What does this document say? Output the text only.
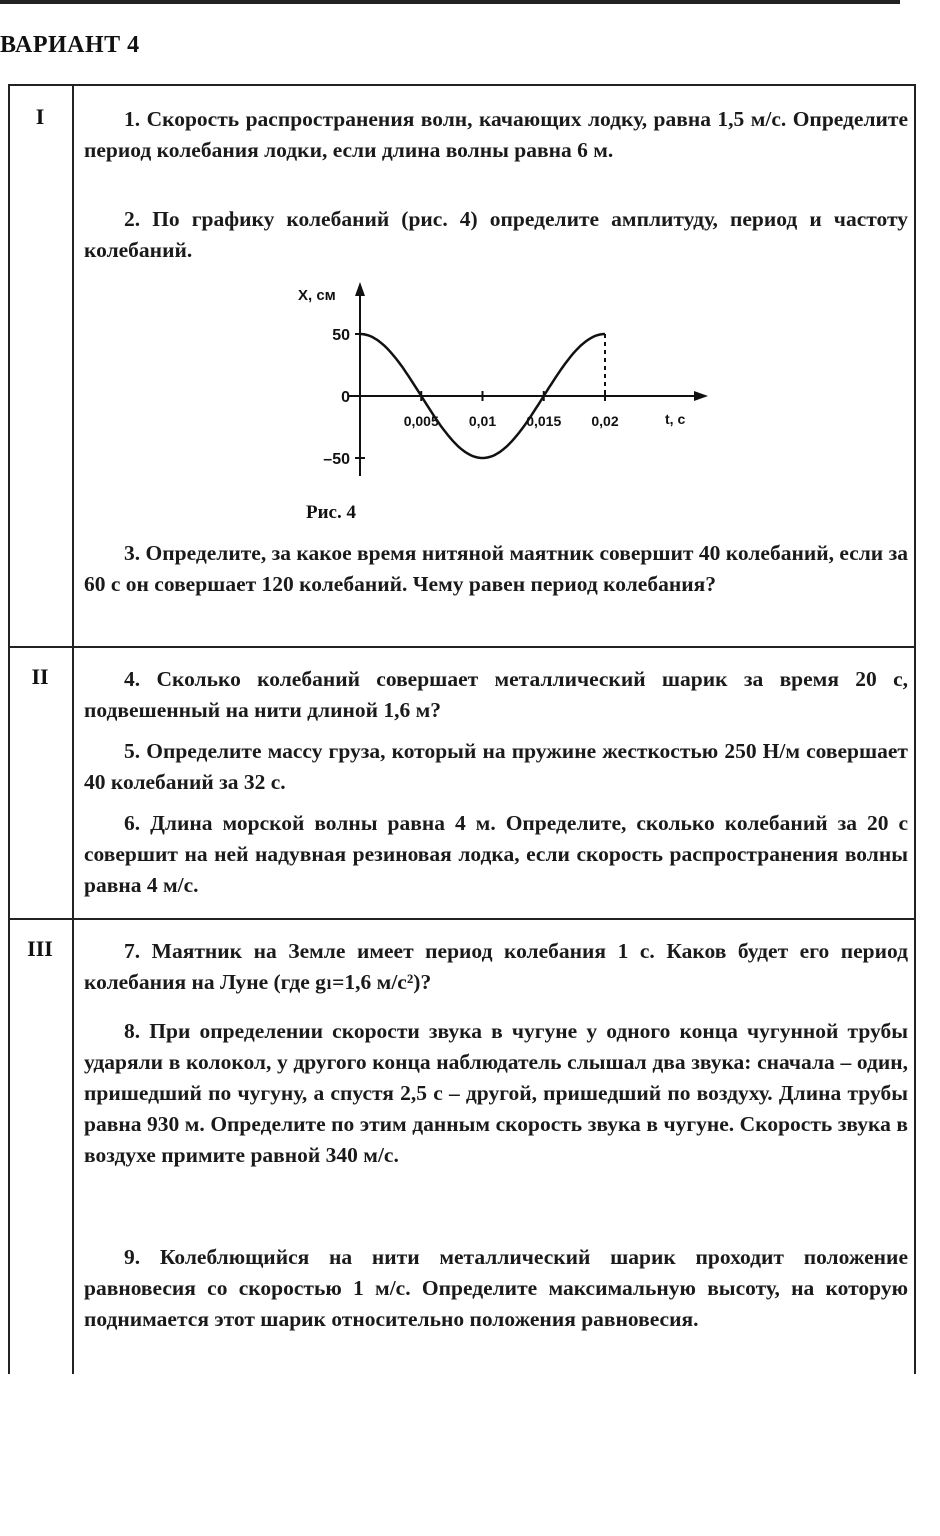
ВАРИАНТ 4
I
II
III

1. Скорость распространения волн, качающих лодку, равна 1,5 м/с. Определите период колебания лодки, если длина волны равна 6 м.

2. По графику колебаний (рис. 4) определите амплитуду, период и частоту колебаний.

50
0
–50
0,005 0,01 0,015 0,02	t, с
X, см
Рис. 4

3. Определите, за какое время нитяной маятник совершит 40 колебаний, если за 60 с он совершает 120 колебаний. Чему равен период колебания?

4. Сколько колебаний совершает металлический шарик за время 20 с, подвешенный на нити длиной 1,6 м?

5. Определите массу груза, который на пружине жесткостью 250 Н/м совершает 40 колебаний за 32 с.

6. Длина морской волны равна 4 м. Определите, сколько колебаний за 20 с совершит на ней надувная резиновая лодка, если скорость распространения волны равна 4 м/с.

7. Маятник на Земле имеет период колебания 1 с. Каков будет его период колебания на Луне (где gₗ=1,6 м/с²)?

8. При определении скорости звука в чугуне у одного конца чугунной трубы ударяли в колокол, у другого конца наблюдатель слышал два звука: сначала – один, пришедший по чугуну, а спустя 2,5 с – другой, пришедший по воздуху. Длина трубы равна 930 м. Определите по этим данным скорость звука в чугуне. Скорость звука в воздухе примите равной 340 м/с.

9. Колеблющийся на нити металлический шарик проходит положение равновесия со скоростью 1 м/с. Определите максимальную высоту, на которую поднимается этот шарик относительно положения равновесия.
